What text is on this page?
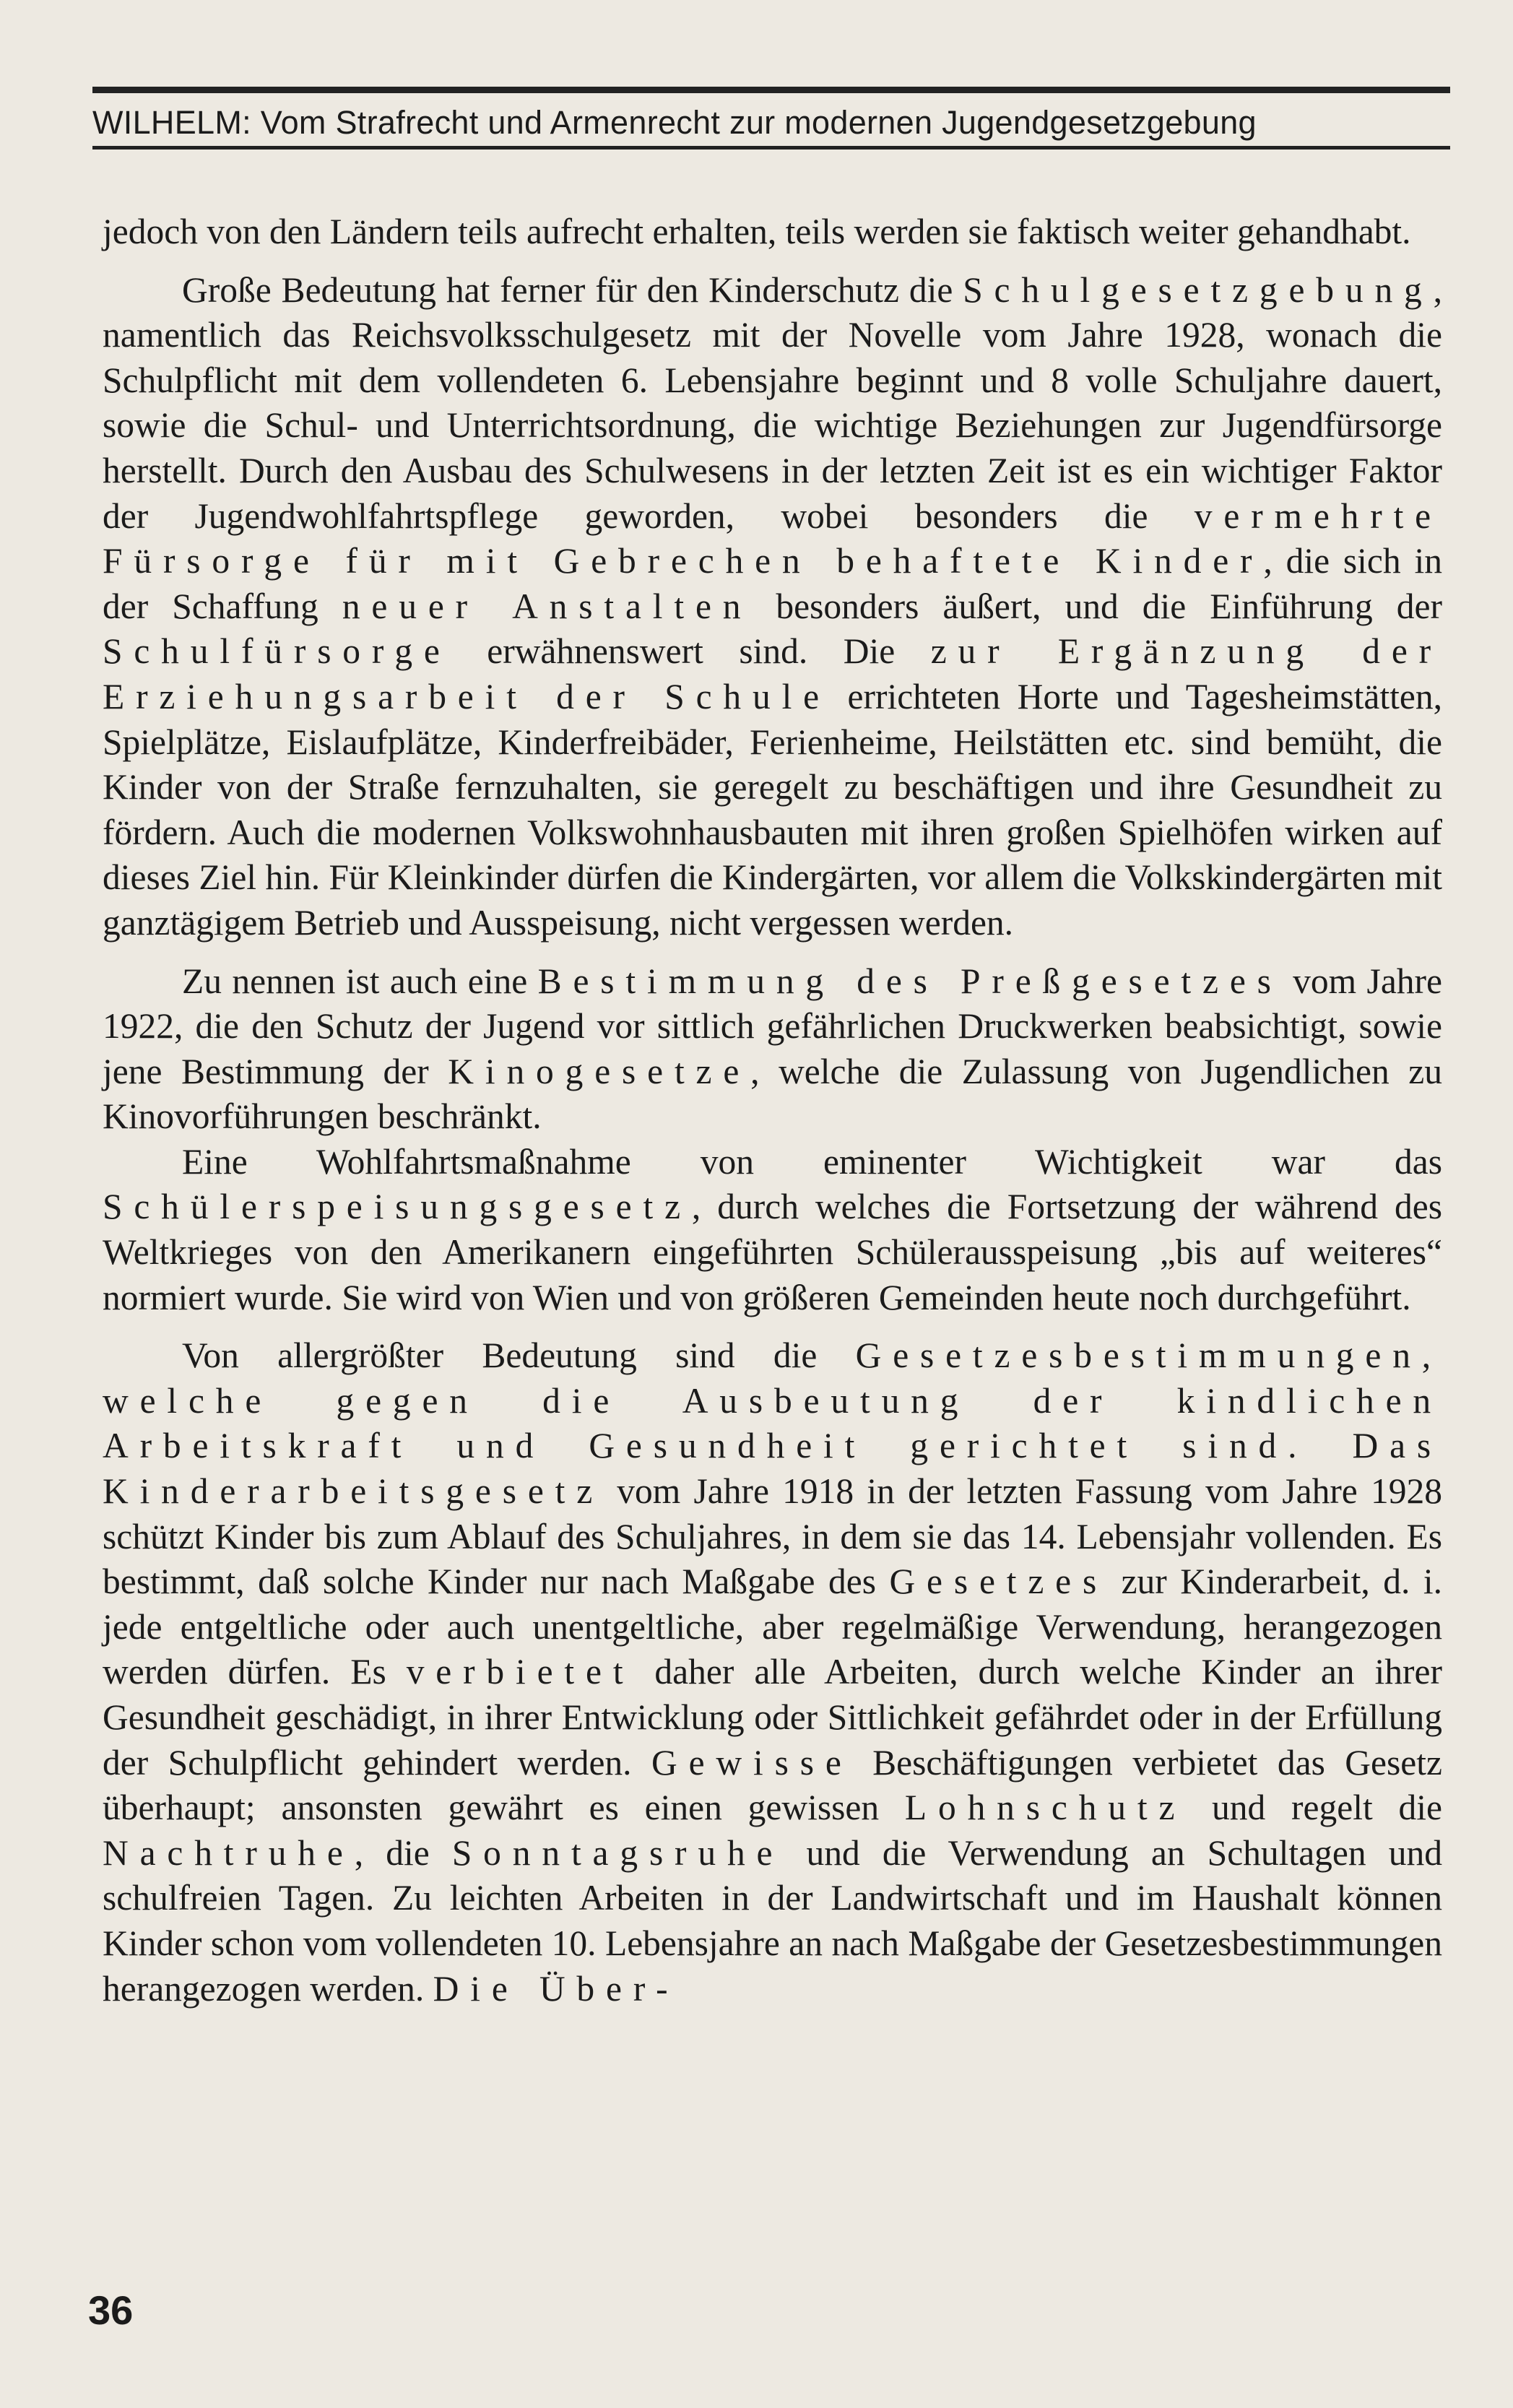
WILHELM: Vom Strafrecht und Armenrecht zur modernen Jugendgesetzgebung

jedoch von den Ländern teils aufrecht erhalten, teils werden sie faktisch weiter gehandhabt.

Große Bedeutung hat ferner für den Kinderschutz die Schulgesetzgebung, namentlich das Reichsvolksschulgesetz mit der Novelle vom Jahre 1928, wonach die Schulpflicht mit dem vollendeten 6. Lebensjahre beginnt und 8 volle Schuljahre dauert, sowie die Schul- und Unterrichtsordnung, die wichtige Beziehungen zur Jugendfürsorge herstellt. Durch den Ausbau des Schulwesens in der letzten Zeit ist es ein wichtiger Faktor der Jugendwohlfahrtspflege geworden, wobei besonders die vermehrte Fürsorge für mit Gebrechen behaftete Kinder, die sich in der Schaffung neuer Anstalten besonders äußert, und die Einführung der Schulfürsorge erwähnenswert sind. Die zur Ergänzung der Erziehungsarbeit der Schule errichteten Horte und Tagesheimstätten, Spielplätze, Eislaufplätze, Kinderfreibäder, Ferienheime, Heilstätten etc. sind bemüht, die Kinder von der Straße fernzuhalten, sie geregelt zu beschäftigen und ihre Gesundheit zu fördern. Auch die modernen Volkswohnhausbauten mit ihren großen Spielhöfen wirken auf dieses Ziel hin. Für Kleinkinder dürfen die Kindergärten, vor allem die Volkskindergärten mit ganztägigem Betrieb und Ausspeisung, nicht vergessen werden.

Zu nennen ist auch eine Bestimmung des Preßgesetzes vom Jahre 1922, die den Schutz der Jugend vor sittlich gefährlichen Druckwerken beabsichtigt, sowie jene Bestimmung der Kinogesetze, welche die Zulassung von Jugendlichen zu Kinovorführungen beschränkt.

Eine Wohlfahrtsmaßnahme von eminenter Wichtigkeit war das Schülerspeisungsgesetz, durch welches die Fortsetzung der während des Weltkrieges von den Amerikanern eingeführten Schülerausspeisung „bis auf weiteres“ normiert wurde. Sie wird von Wien und von größeren Gemeinden heute noch durchgeführt.

Von allergrößter Bedeutung sind die Gesetzesbestimmungen, welche gegen die Ausbeutung der kindlichen Arbeitskraft und Gesundheit gerichtet sind. Das Kinderarbeitsgesetz vom Jahre 1918 in der letzten Fassung vom Jahre 1928 schützt Kinder bis zum Ablauf des Schuljahres, in dem sie das 14. Lebensjahr vollenden. Es bestimmt, daß solche Kinder nur nach Maßgabe des Gesetzes zur Kinderarbeit, d. i. jede entgeltliche oder auch unentgeltliche, aber regelmäßige Verwendung, herangezogen werden dürfen. Es verbietet daher alle Arbeiten, durch welche Kinder an ihrer Gesundheit geschädigt, in ihrer Entwicklung oder Sittlichkeit gefährdet oder in der Erfüllung der Schulpflicht gehindert werden. Gewisse Beschäftigungen verbietet das Gesetz überhaupt; ansonsten gewährt es einen gewissen Lohnschutz und regelt die Nachtruhe, die Sonntagsruhe und die Verwendung an Schultagen und schulfreien Tagen. Zu leichten Arbeiten in der Landwirtschaft und im Haushalt können Kinder schon vom vollendeten 10. Lebensjahre an nach Maßgabe der Gesetzesbestimmungen herangezogen werden. Die Über-

36
